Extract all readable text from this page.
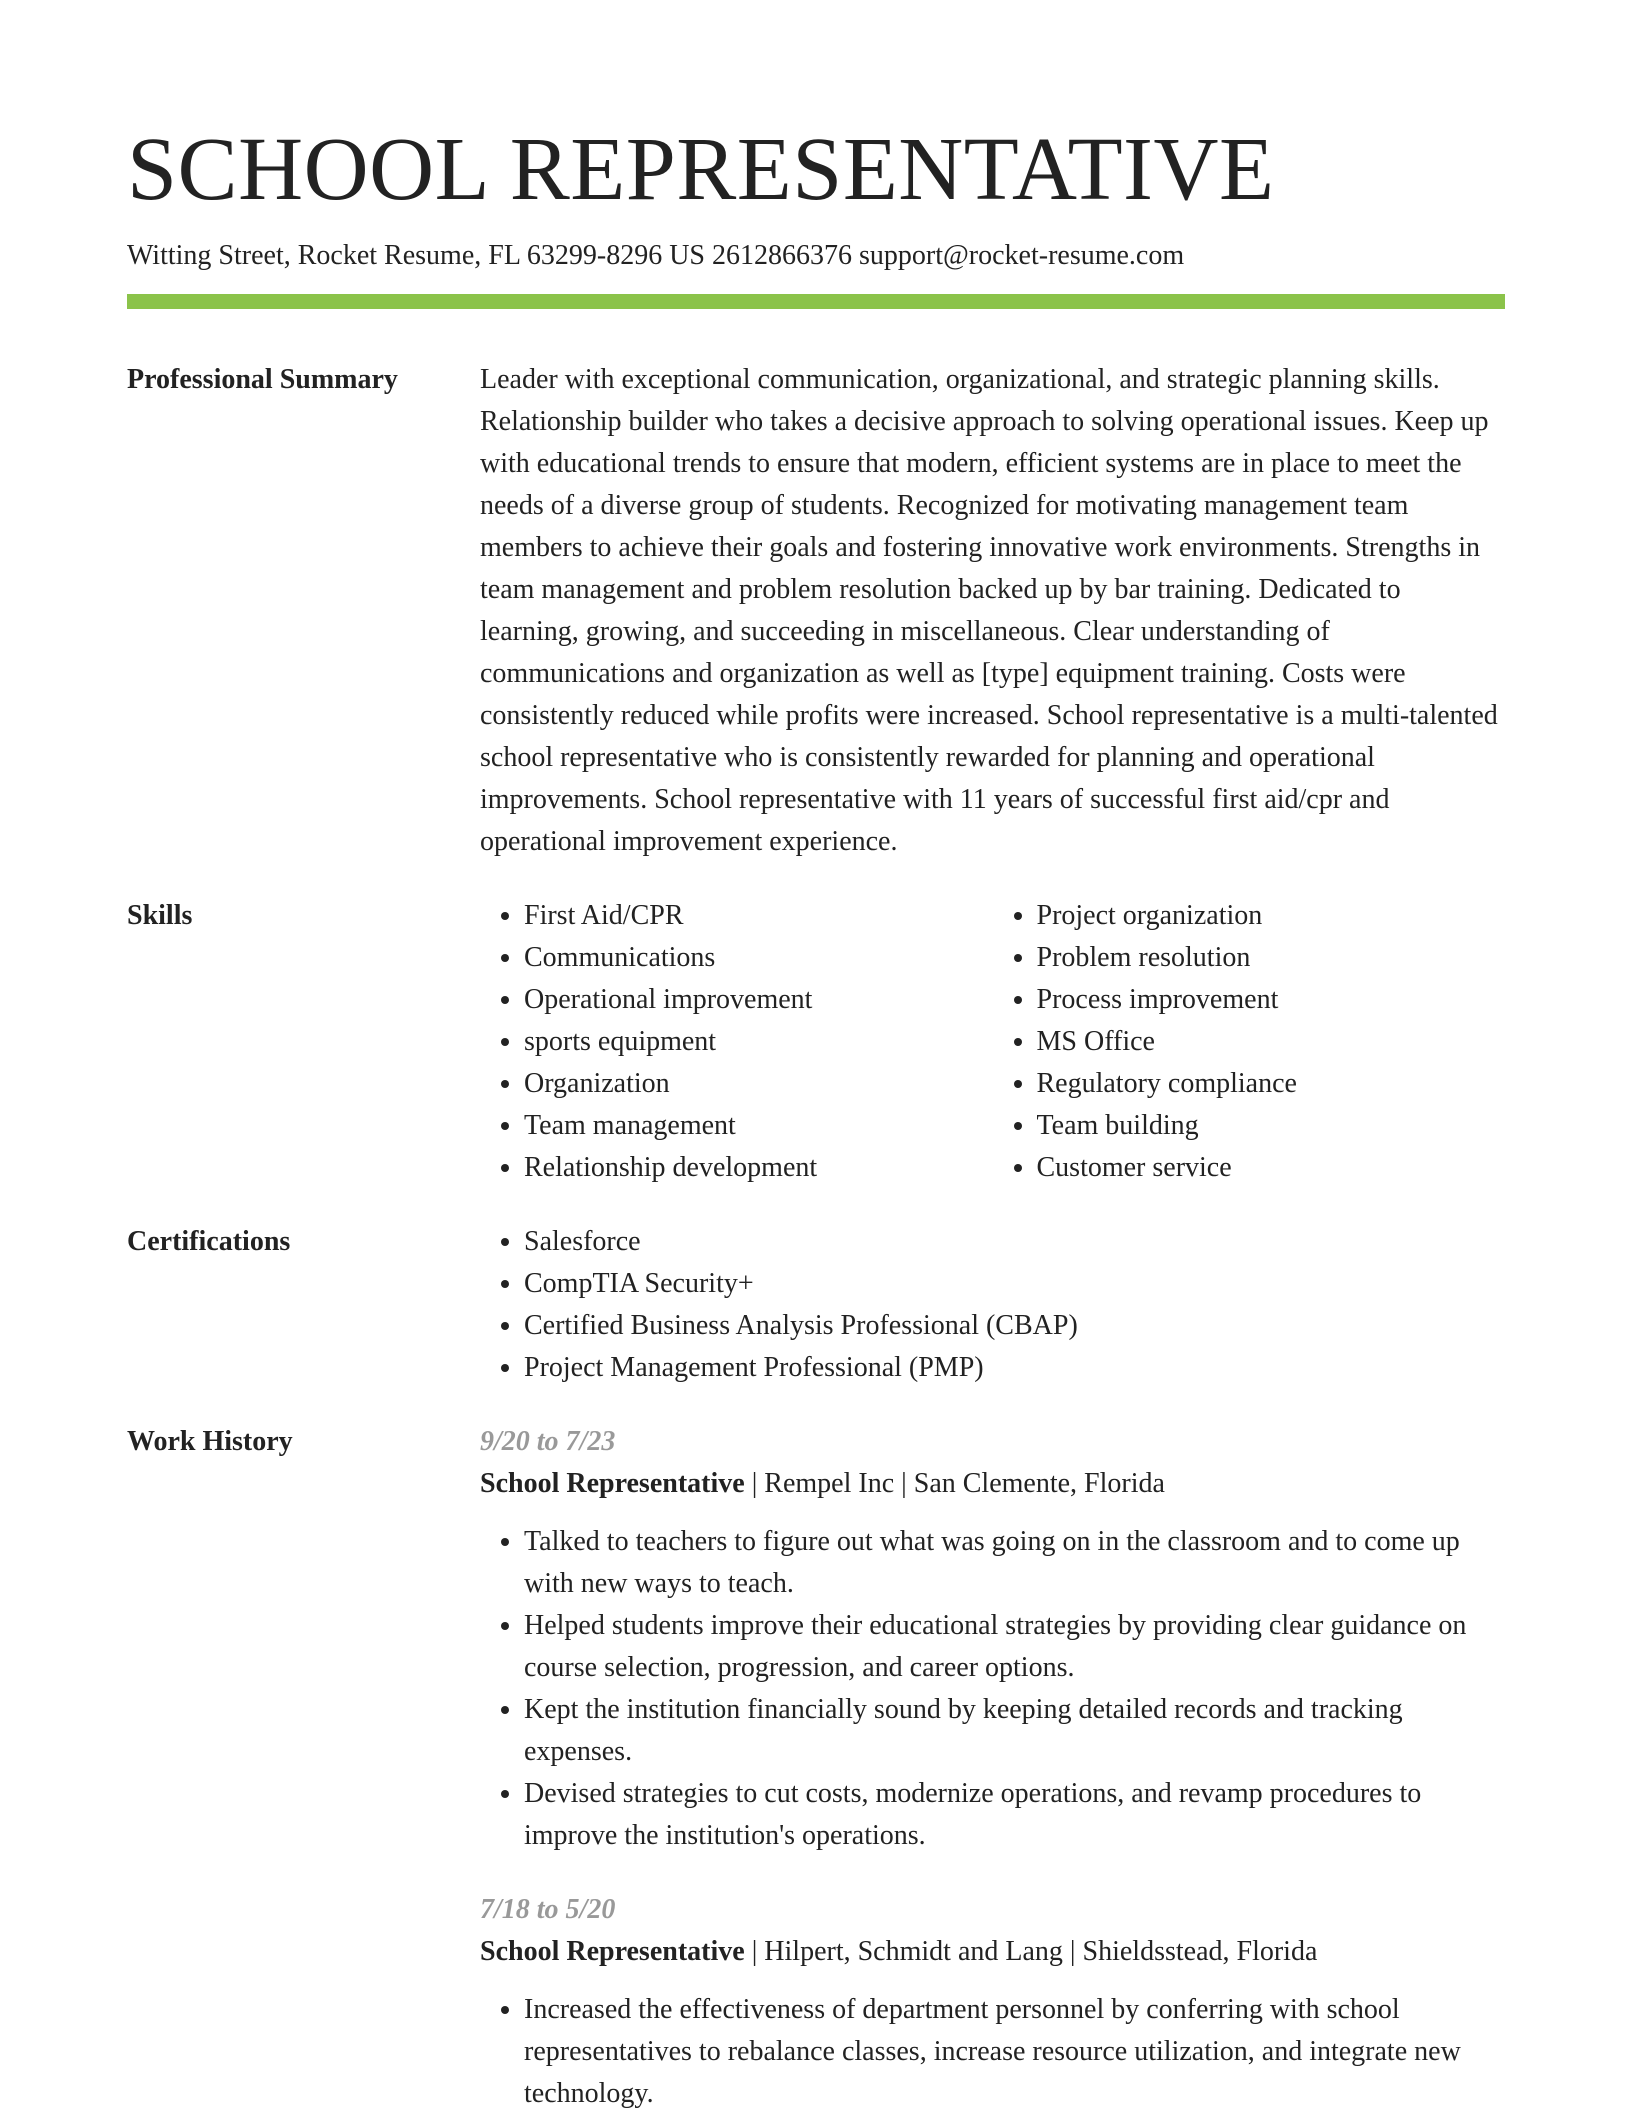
SCHOOL REPRESENTATIVE
Witting Street, Rocket Resume, FL 63299-8296 US 2612866376 support@rocket-resume.com
Professional Summary	Leader with exceptional communication, organizational, and strategic planning skills. Relationship builder who takes a decisive approach to solving operational issues. Keep up with educational trends to ensure that modern, efficient systems are in place to meet the needs of a diverse group of students. Recognized for motivating management team members to achieve their goals and fostering innovative work environments. Strengths in team management and problem resolution backed up by bar training. Dedicated to learning, growing, and succeeding in miscellaneous. Clear understanding of communications and organization as well as [type] equipment training. Costs were consistently reduced while profits were increased. School representative is a multi-talented school representative who is consistently rewarded for planning and operational improvements. School representative with 11 years of successful first aid/cpr and operational improvement experience.

Skills	• First Aid/CPR
• Communications
• Operational improvement
• sports equipment
• Organization
• Team management
• Relationship development
• Project organization
• Problem resolution
• Process improvement
• MS Office
• Regulatory compliance
• Team building
• Customer service
Certifications	• Salesforce
• CompTIA Security+
• Certified Business Analysis Professional (CBAP)
• Project Management Professional (PMP)
Work History	9/20 to 7/23
School Representative | Rempel Inc | San Clemente, Florida
• Talked to teachers to figure out what was going on in the classroom and to come up with new ways to teach.
• Helped students improve their educational strategies by providing clear guidance on course selection, progression, and career options.
• Kept the institution financially sound by keeping detailed records and tracking expenses.
• Devised strategies to cut costs, modernize operations, and revamp procedures to improve the institution's operations.
7/18 to 5/20
School Representative | Hilpert, Schmidt and Lang | Shieldsstead, Florida
• Increased the effectiveness of department personnel by conferring with school representatives to rebalance classes, increase resource utilization, and integrate new technology.
